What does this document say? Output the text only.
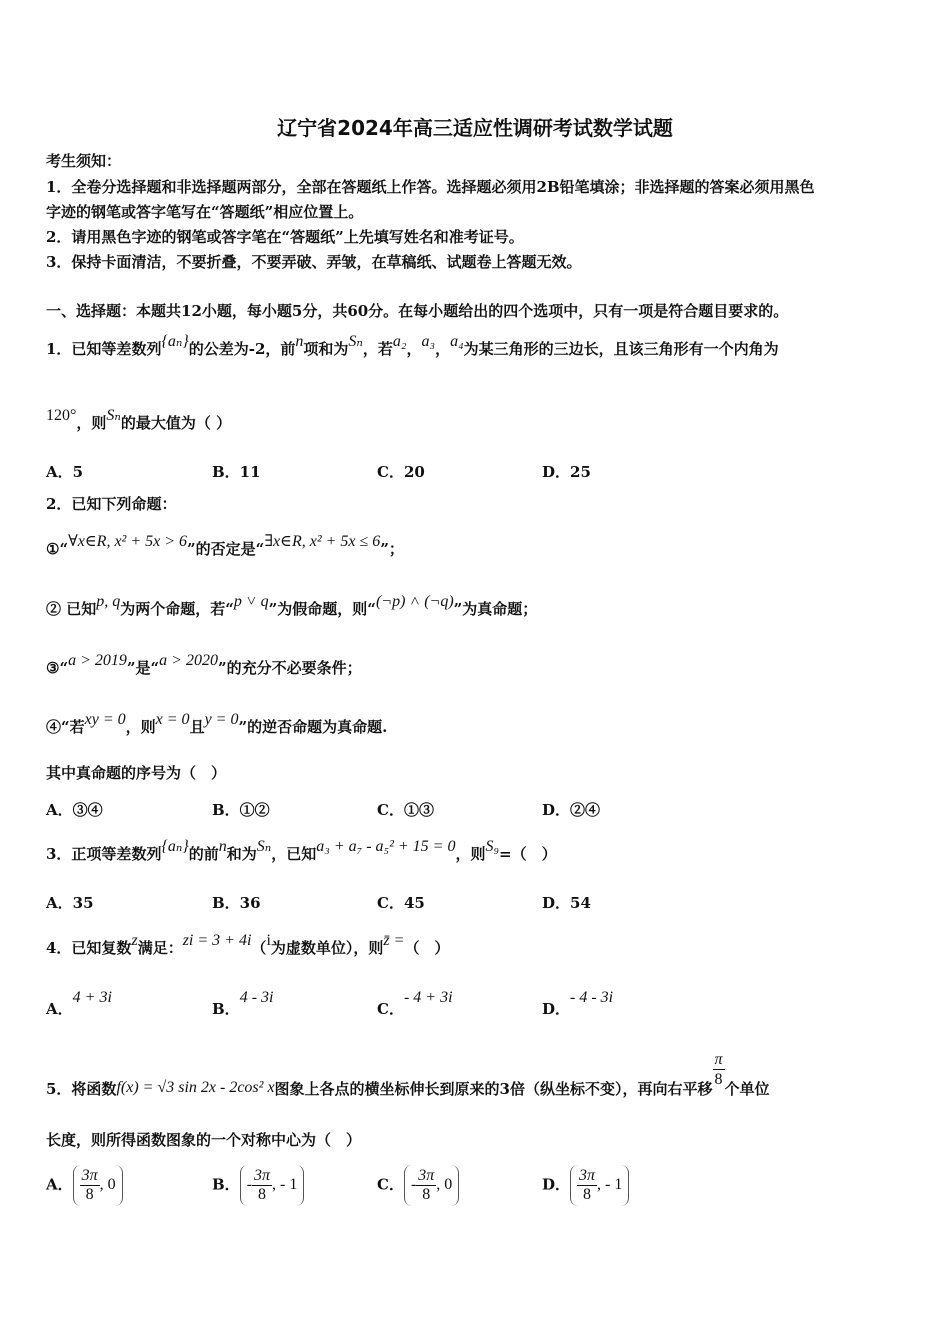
辽宁省2024年高三适应性调研考试数学试题
考生须知：
1．全卷分选择题和非选择题两部分，全部在答题纸上作答。选择题必须用2B铅笔填涂；非选择题的答案必须用黑色
字迹的钢笔或答字笔写在“答题纸”相应位置上。
2．请用黑色字迹的钢笔或答字笔在“答题纸”上先填写姓名和准考证号。
3．保持卡面清洁，不要折叠，不要弄破、弄皱，在草稿纸、试题卷上答题无效。
一、选择题：本题共12小题，每小题5分，共60分。在每小题给出的四个选项中，只有一项是符合题目要求的。
1．已知等差数列{aₙ}的公差为-2，前n项和为Sₙ，若a₂，a₃，a₄为某三角形的三边长，且该三角形有一个内角为
120°，则Sₙ的最大值为（ ）
A．5	B．11	C．20	D．25
2．已知下列命题：
①“∀x∈R, x² + 5x > 6”的否定是“∃x∈R, x² + 5x ≤ 6”；
② 已知p, q为两个命题，若“p ˅ q”为假命题，则“(¬p) ˄ (¬q)”为真命题；
③“a > 2019”是“a > 2020”的充分不必要条件；
④“若xy = 0，则x = 0且y = 0”的逆否命题为真命题.
其中真命题的序号为（　）
A．③④	B．①②	C．①③	D．②④
3．正项等差数列{aₙ}的前n和为Sₙ，已知a₃ + a₇ - a₅² + 15 = 0，则S₉=（　）
A．35	B．36	C．45	D．54
4．已知复数z满足：zi = 3 + 4i（i为虚数单位），则z̄ =（　）
A．4 + 3i
B．4 - 3i
C．- 4 + 3i
D．- 4 - 3i
5．将函数f(x) = √3 sin 2x - 2cos² x图象上各点的横坐标伸长到原来的3倍（纵坐标不变），再向右平移 $\frac{\pi}{8}$ 个单位
长度，则所得函数图象的一个对称中心为（　）
A． $\frac{3\pi}{8}$ , 0	B． - $\frac{3\pi}{8}$ , - 1	C． - $\frac{3\pi}{8}$ , 0	D． $\frac{3\pi}{8}$ , - 1
